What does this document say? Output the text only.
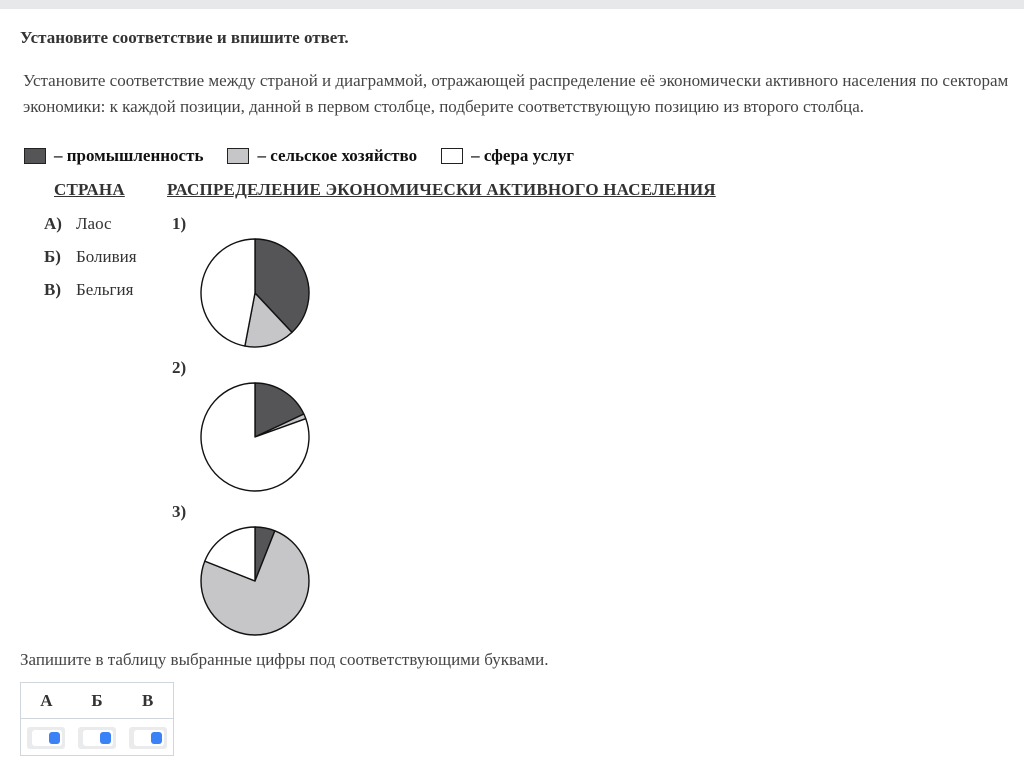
Установите соответствие и впишите ответ.
Установите соответствие между страной и диаграммой, отражающей распределение её экономически активного населения по секторам экономики: к каждой позиции, данной в первом столбце, подберите соответствующую позицию из второго столбца.
– промышленность	– сельское хозяйство	– сфера услуг
СТРАНА РАСПРЕДЕЛЕНИЕ ЭКОНОМИЧЕСКИ АКТИВНОГО НАСЕЛЕНИЯ
А) Лаос
Б) Боливия
В) Бельгия
1)
2)
3)
Запишите в таблицу выбранные цифры под соответствующими буквами.
А	Б	В
